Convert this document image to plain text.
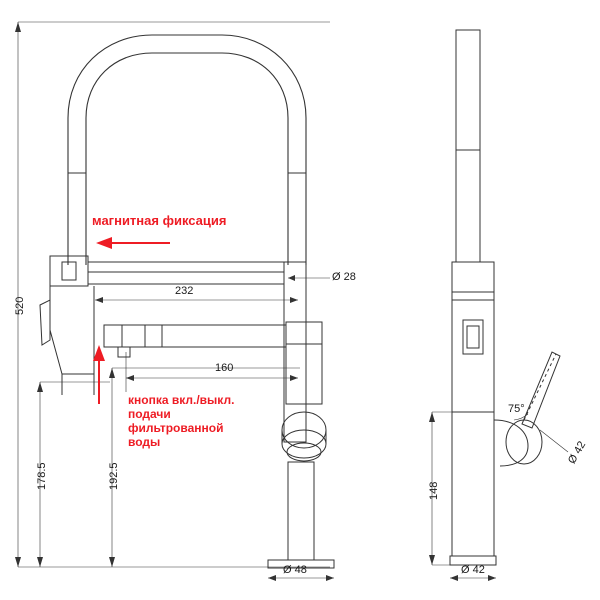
520
178.5	192.5
232
160
Ø 28
Ø 48
148
Ø 42
Ø 42
75°
магнитная фиксация
кнопка вкл./выкл.
подачи
фильтрованной
воды
